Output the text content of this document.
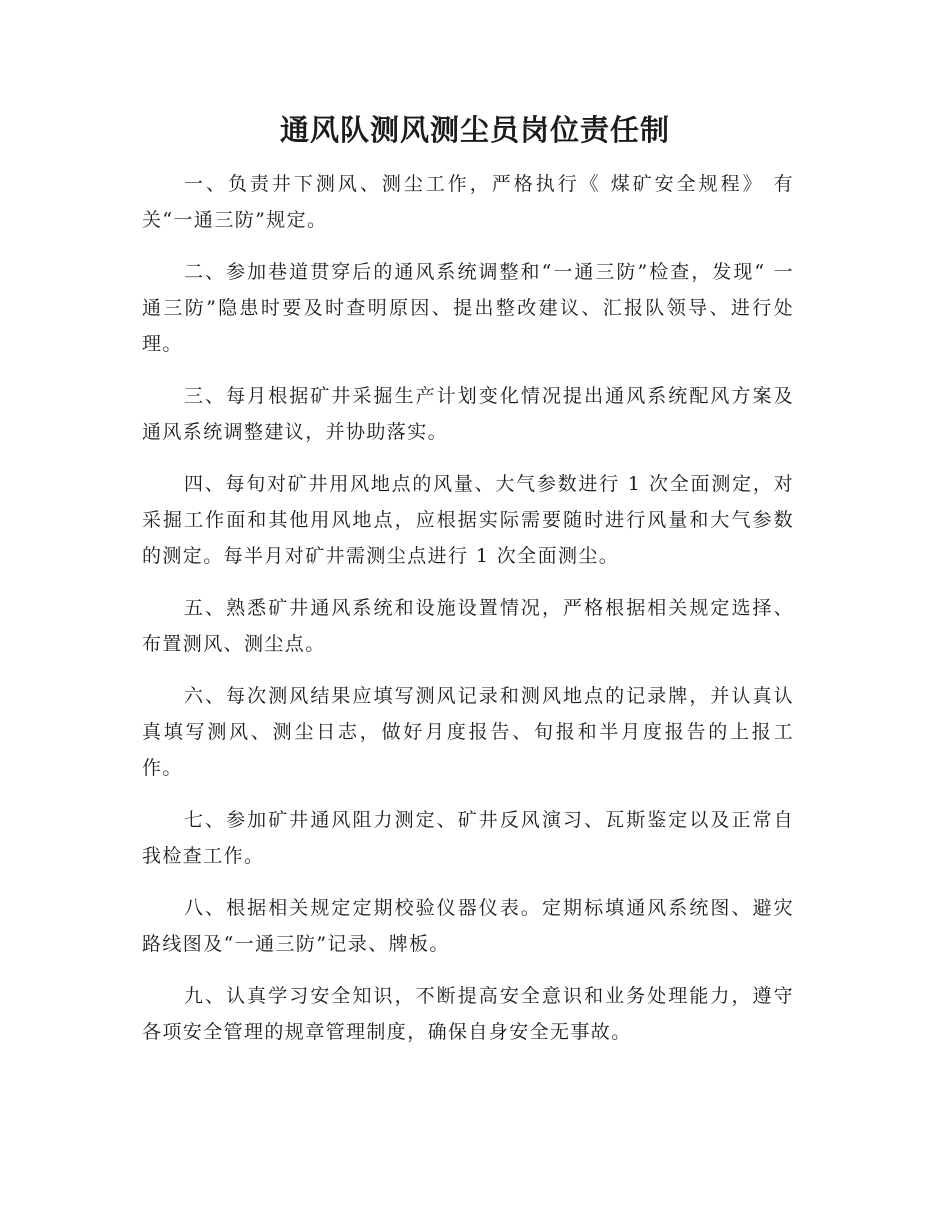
通风队测风测尘员岗位责任制

一、负责井下测风、测尘工作，严格执行《 煤矿安全规程》 有关“一通三防”规定。

二、参加巷道贯穿后的通风系统调整和“一通三防”检查，发现“ 一通三防”隐患时要及时查明原因、提出整改建议、汇报队领导、进行处理。

三、每月根据矿井采掘生产计划变化情况提出通风系统配风方案及通风系统调整建议，并协助落实。

四、每旬对矿井用风地点的风量、大气参数进行 1 次全面测定，对采掘工作面和其他用风地点，应根据实际需要随时进行风量和大气参数的测定。每半月对矿井需测尘点进行 1 次全面测尘。

五、熟悉矿井通风系统和设施设置情况，严格根据相关规定选择、布置测风、测尘点。

六、每次测风结果应填写测风记录和测风地点的记录牌，并认真认真填写测风、测尘日志，做好月度报告、旬报和半月度报告的上报工作。

七、参加矿井通风阻力测定、矿井反风演习、瓦斯鉴定以及正常自我检查工作。

八、根据相关规定定期校验仪器仪表。定期标填通风系统图、避灾路线图及“一通三防”记录、牌板。

九、认真学习安全知识，不断提高安全意识和业务处理能力，遵守各项安全管理的规章管理制度，确保自身安全无事故。
